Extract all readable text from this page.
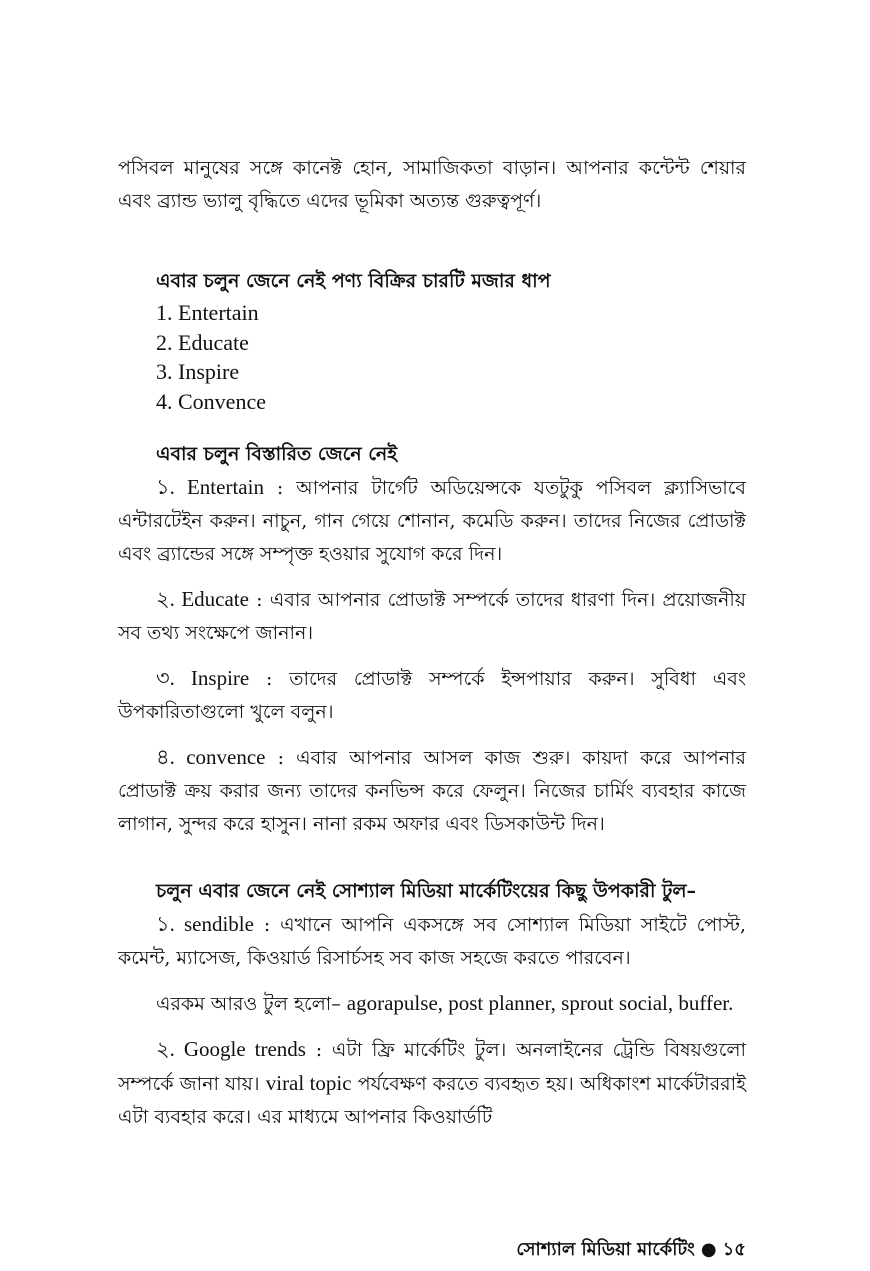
পসিবল মানুষের সঙ্গে কানেক্ট হোন, সামাজিকতা বাড়ান। আপনার কন্টেন্ট শেয়ার এবং ব্র্যান্ড ভ্যালু বৃদ্ধিতে এদের ভূমিকা অত্যন্ত গুরুত্বপূর্ণ।

এবার চলুন জেনে নেই পণ্য বিক্রির চারটি মজার ধাপ
1. Entertain
2. Educate
3. Inspire
4. Convence
এবার চলুন বিস্তারিত জেনে নেই

১. Entertain : আপনার টার্গেট অডিয়েন্সকে যতটুকু পসিবল ক্ল্যাসিভাবে এন্টারটেইন করুন। নাচুন, গান গেয়ে শোনান, কমেডি করুন। তাদের নিজের প্রোডাক্ট এবং ব্র্যান্ডের সঙ্গে সম্পৃক্ত হওয়ার সুযোগ করে দিন।

২. Educate : এবার আপনার প্রোডাক্ট সম্পর্কে তাদের ধারণা দিন। প্রয়োজনীয় সব তথ্য সংক্ষেপে জানান।

৩. Inspire : তাদের প্রোডাক্ট সম্পর্কে ইন্সপায়ার করুন। সুবিধা এবং উপকারিতাগুলো খুলে বলুন।

৪. convence : এবার আপনার আসল কাজ শুরু। কায়দা করে আপনার প্রোডাক্ট ক্রয় করার জন্য তাদের কনভিন্স করে ফেলুন। নিজের চার্মিং ব্যবহার কাজে লাগান, সুন্দর করে হাসুন। নানা রকম অফার এবং ডিসকাউন্ট দিন।

চলুন এবার জেনে নেই সোশ্যাল মিডিয়া মার্কেটিংয়ের কিছু উপকারী টুল–

১. sendible : এখানে আপনি একসঙ্গে সব সোশ্যাল মিডিয়া সাইটে পোস্ট, কমেন্ট, ম্যাসেজ, কিওয়ার্ড রিসার্চসহ সব কাজ সহজে করতে পারবেন।

এরকম আরও টুল হলো– agorapulse, post planner, sprout social, buffer.

২. Google trends : এটা ফ্রি মার্কেটিং টুল। অনলাইনের ট্রেন্ডি বিষয়গুলো সম্পর্কে জানা যায়। viral topic পর্যবেক্ষণ করতে ব্যবহৃত হয়। অধিকাংশ মার্কেটাররাই এটা ব্যবহার করে। এর মাধ্যমে আপনার কিওয়ার্ডটি

সোশ্যাল মিডিয়া মার্কেটিং ● ১৫
